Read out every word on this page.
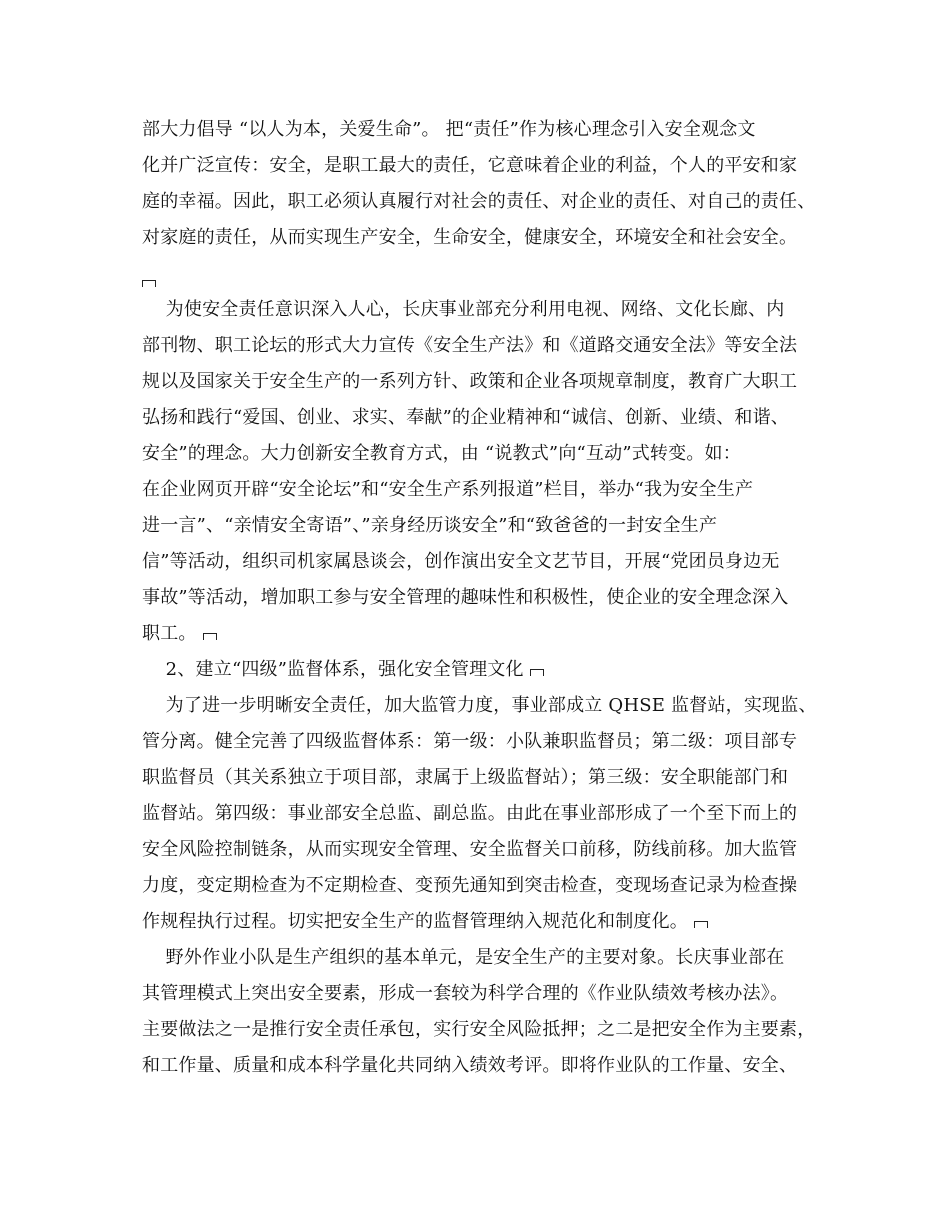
部大力倡导 “以人为本，关爱生命”。 把“责任”作为核心理念引入安全观念文
化并广泛宣传：安全，是职工最大的责任，它意味着企业的利益，个人的平安和家
庭的幸福。因此，职工必须认真履行对社会的责任、对企业的责任、对自己的责任、
对家庭的责任，从而实现生产安全，生命安全，健康安全，环境安全和社会安全。
为使安全责任意识深入人心，长庆事业部充分利用电视、网络、文化长廊、内
部刊物、职工论坛的形式大力宣传《安全生产法》和《道路交通安全法》等安全法
规以及国家关于安全生产的一系列方针、政策和企业各项规章制度，教育广大职工
弘扬和践行“爱国、创业、求实、奉献”的企业精神和“诚信、创新、业绩、和谐、
安全”的理念。大力创新安全教育方式，由 “说教式”向“互动”式转变。如：
在企业网页开辟“安全论坛”和“安全生产系列报道”栏目，举办“我为安全生产
进一言”、“亲情安全寄语”、”亲身经历谈安全”和“致爸爸的一封安全生产
信”等活动，组织司机家属恳谈会，创作演出安全文艺节目，开展“党团员身边无
事故”等活动，增加职工参与安全管理的趣味性和积极性，使企业的安全理念深入
职工。
2、建立“四级”监督体系，强化安全管理文化
为了进一步明晰安全责任，加大监管力度，事业部成立 QHSE 监督站，实现监、
管分离。健全完善了四级监督体系：第一级：小队兼职监督员；第二级：项目部专
职监督员（其关系独立于项目部，隶属于上级监督站）；第三级：安全职能部门和
监督站。第四级：事业部安全总监、副总监。由此在事业部形成了一个至下而上的
安全风险控制链条，从而实现安全管理、安全监督关口前移，防线前移。加大监管
力度，变定期检查为不定期检查、变预先通知到突击检查，变现场查记录为检查操
作规程执行过程。切实把安全生产的监督管理纳入规范化和制度化。
野外作业小队是生产组织的基本单元，是安全生产的主要对象。长庆事业部在
其管理模式上突出安全要素，形成一套较为科学合理的《作业队绩效考核办法》。
主要做法之一是推行安全责任承包，实行安全风险抵押；之二是把安全作为主要素，
和工作量、质量和成本科学量化共同纳入绩效考评。即将作业队的工作量、安全、
